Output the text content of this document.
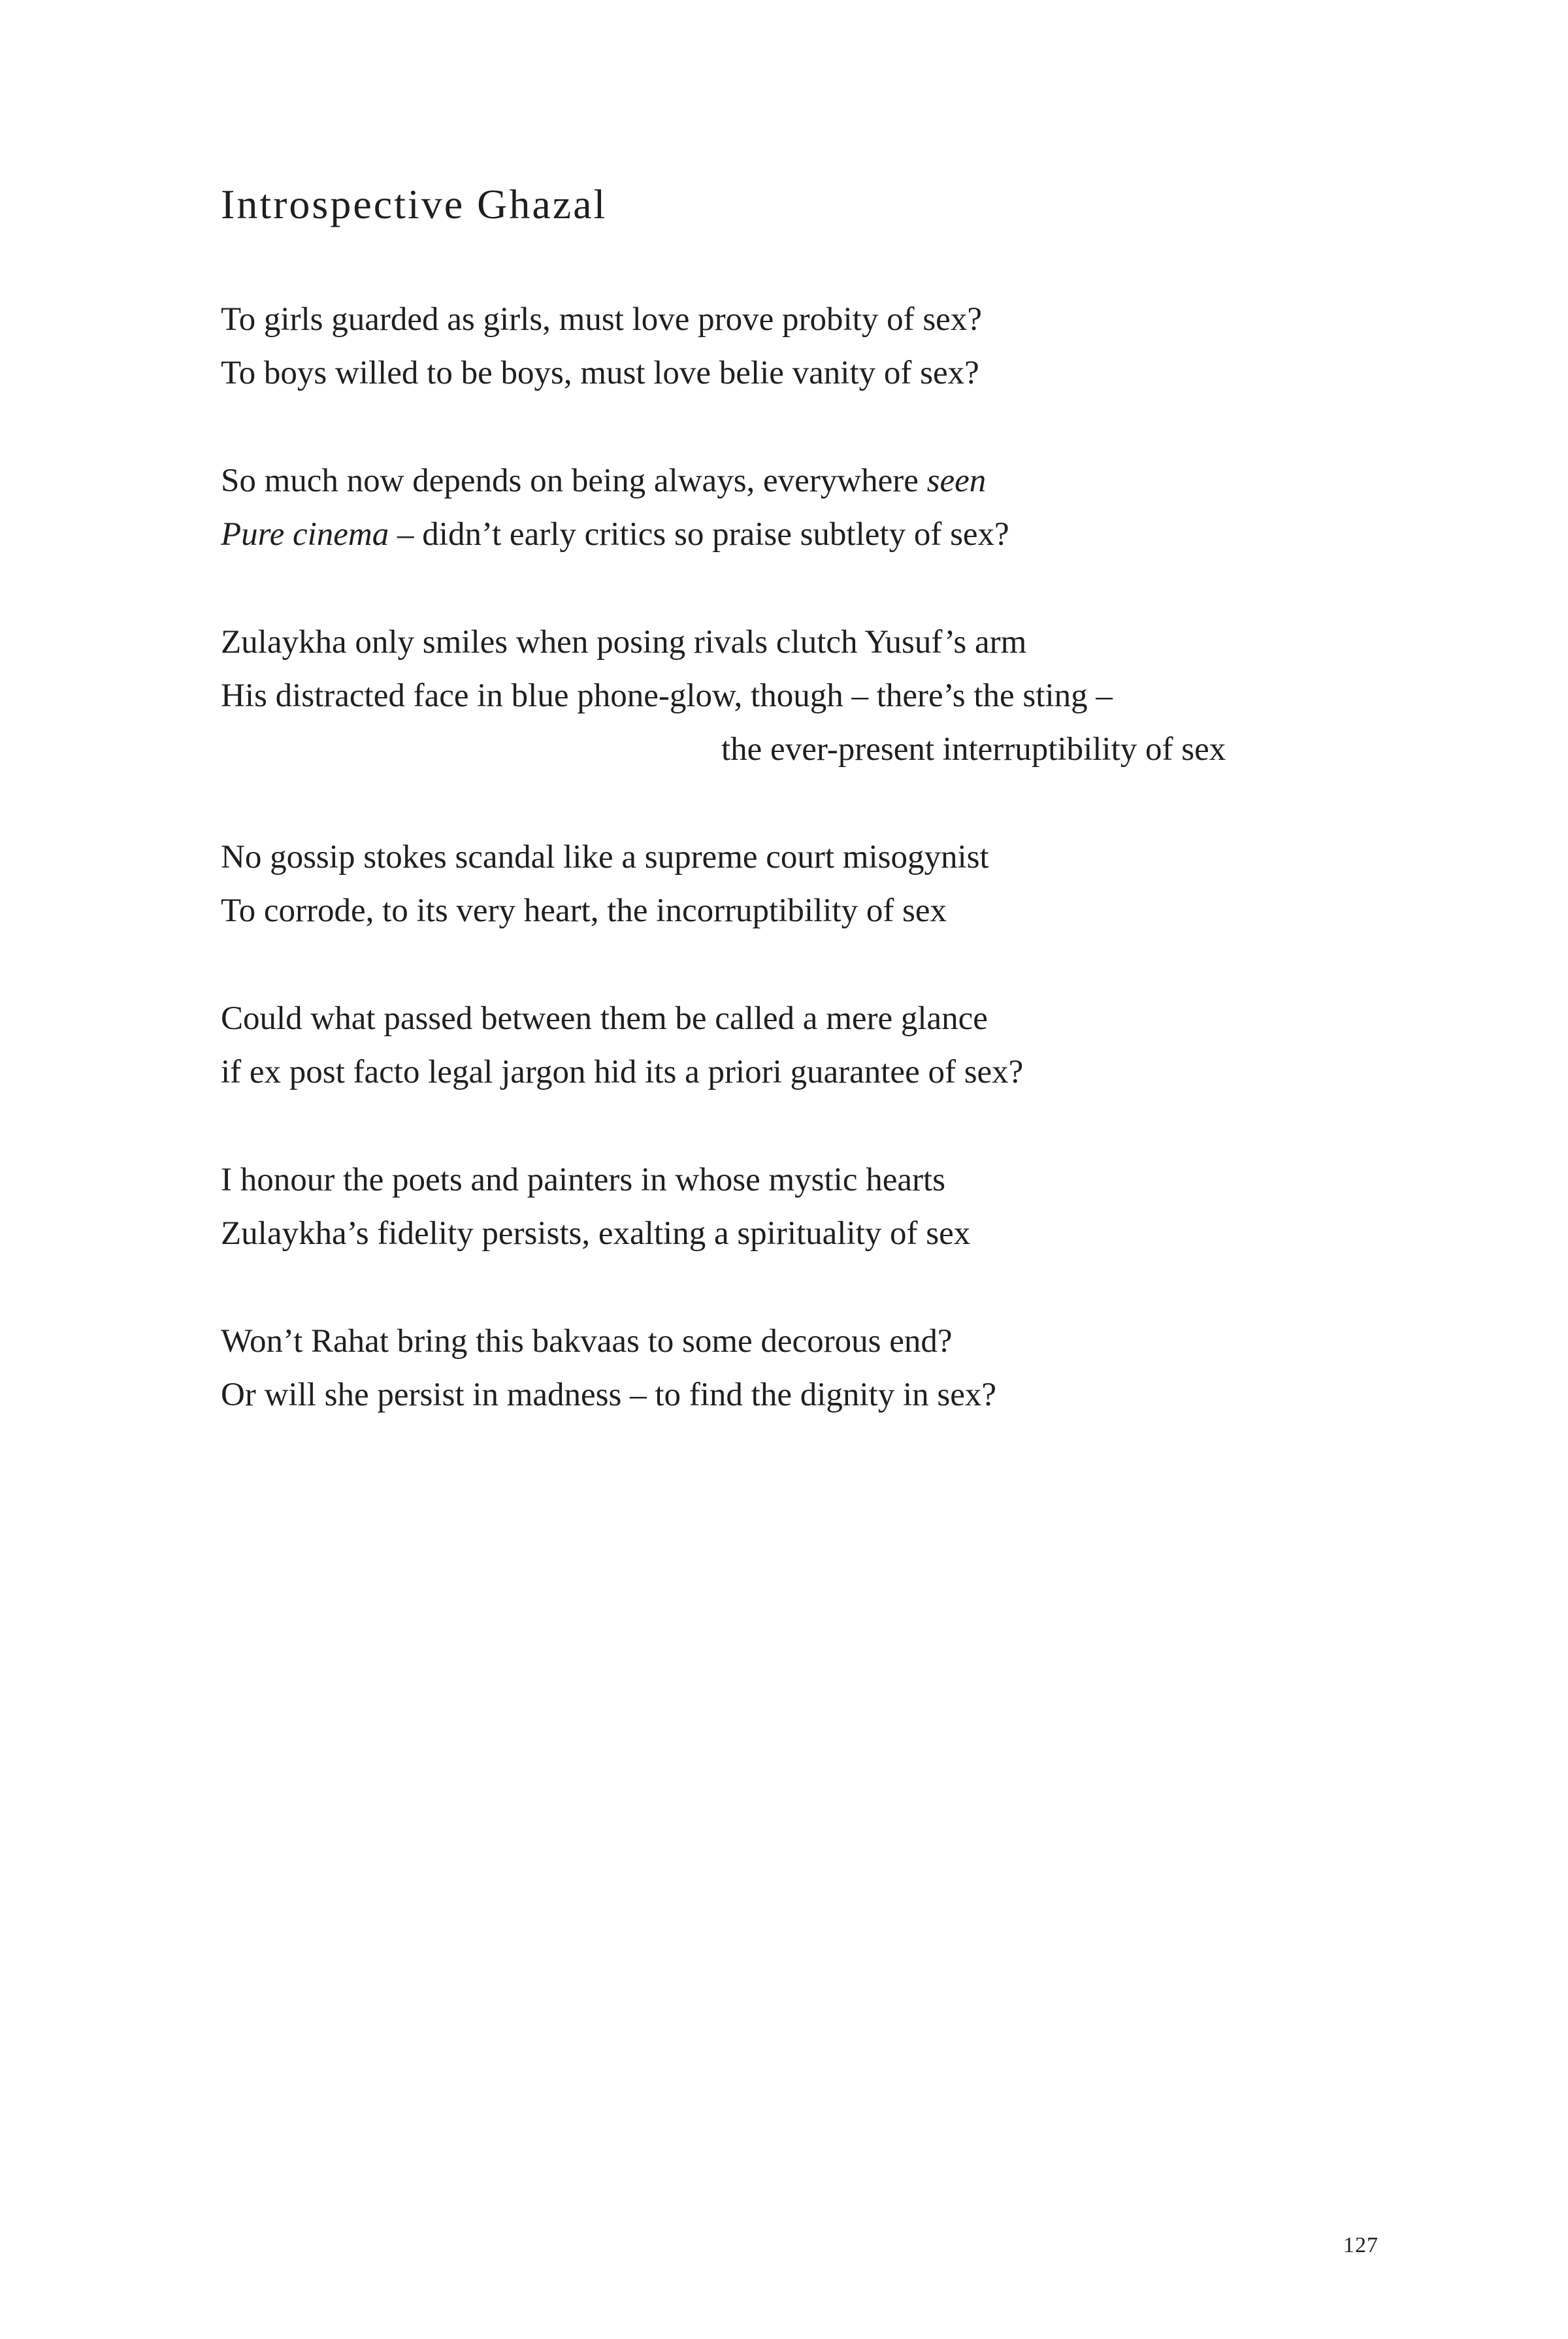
Introspective Ghazal
To girls guarded as girls, must love prove probity of sex?
To boys willed to be boys, must love belie vanity of sex?
So much now depends on being always, everywhere seen
Pure cinema – didn’t early critics so praise subtlety of sex?
Zulaykha only smiles when posing rivals clutch Yusuf’s arm
His distracted face in blue phone-glow, though – there’s the sting –
the ever-present interruptibility of sex
No gossip stokes scandal like a supreme court misogynist
To corrode, to its very heart, the incorruptibility of sex
Could what passed between them be called a mere glance
if ex post facto legal jargon hid its a priori guarantee of sex?
I honour the poets and painters in whose mystic hearts
Zulaykha’s fidelity persists, exalting a spirituality of sex
Won’t Rahat bring this bakvaas to some decorous end?
Or will she persist in madness – to find the dignity in sex?
127
